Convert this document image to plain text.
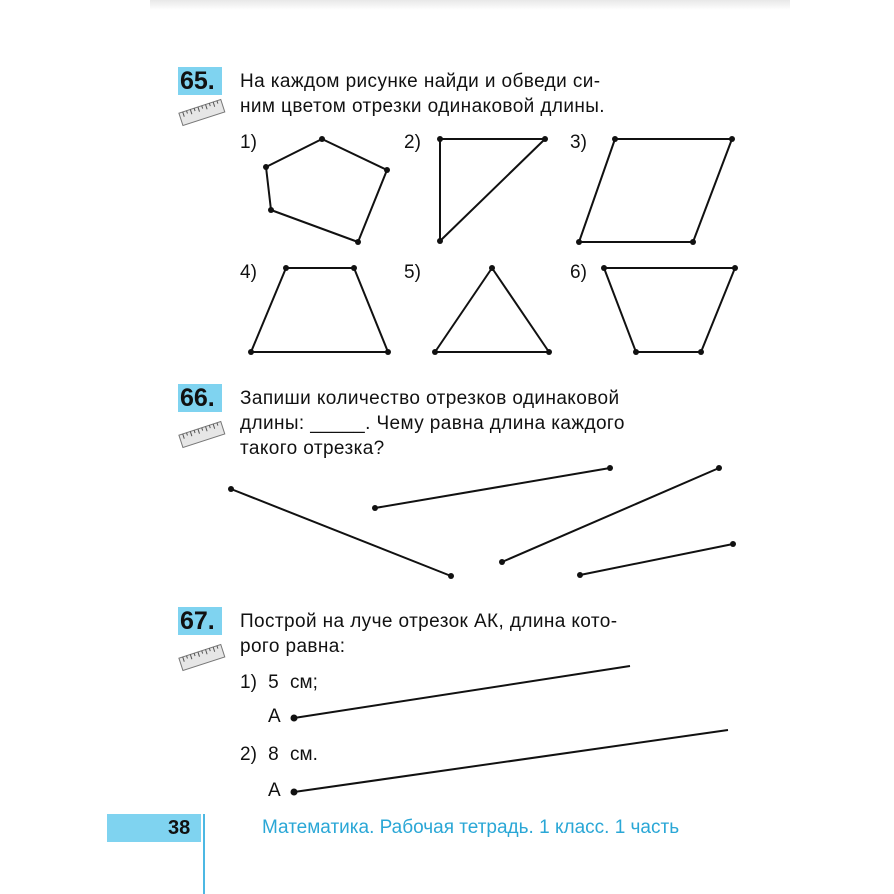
65.	На каждом рисунке найди и обведи си-
ним цветом отрезки одинаковой длины.
1)	2)	3)
4)	5)	6)
66.	Запиши количество отрезков одинаковой
длины: _____. Чему равна длина каждого
такого отрезка?
67.	Построй на луче отрезок АК, длина кото-
рого равна:
1) 5 см;
А
2) 8 см.
А
38	Математика. Рабочая тетрадь. 1 класс. 1 часть
